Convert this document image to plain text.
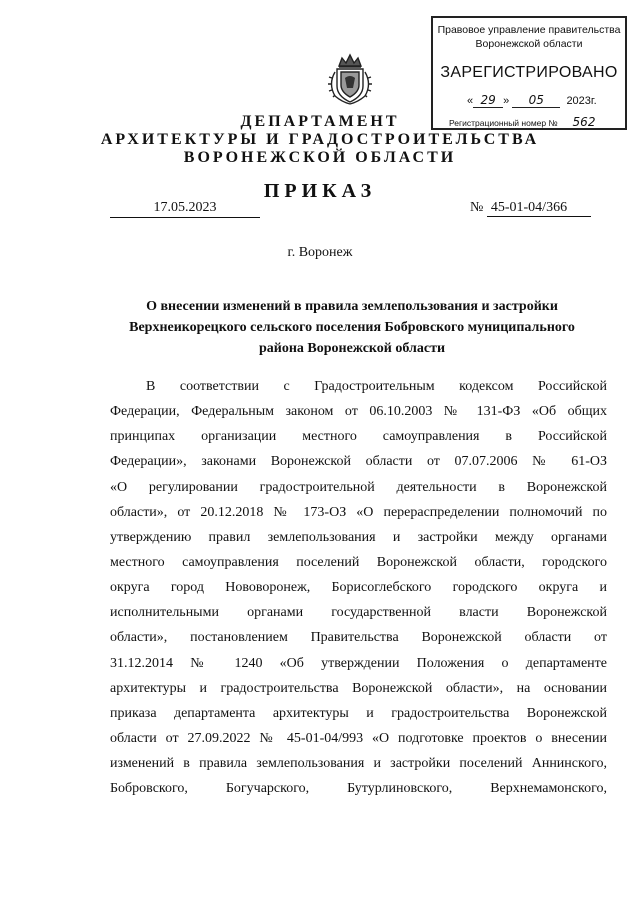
Правовое управление правительства
Воронежской области
ЗАРЕГИСТРИРОВАНО
« 29 » 05 2023г.
Регистрационный номер № 562
ДЕПАРТАМЕНТ
АРХИТЕКТУРЫ И ГРАДОСТРОИТЕЛЬСТВА
ВОРОНЕЖСКОЙ ОБЛАСТИ
ПРИКАЗ
17.05.2023	№ 45-01-04/366
г. Воронеж
О внесении изменений в правила землепользования и застройки
Верхнеикорецкого сельского поселения Бобровского муниципального
района Воронежской области
В соответствии с Градостроительным кодексом Российской
Федерации, Федеральным законом от 06.10.2003 № 131-ФЗ «Об общих
принципах организации местного самоуправления в Российской
Федерации», законами Воронежской области от 07.07.2006 № 61-ОЗ
«О регулировании градостроительной деятельности в Воронежской
области», от 20.12.2018 № 173-ОЗ «О перераспределении полномочий по
утверждению правил землепользования и застройки между органами
местного самоуправления поселений Воронежской области, городского
округа город Нововоронеж, Борисоглебского городского округа и
исполнительными органами государственной власти Воронежской
области», постановлением Правительства Воронежской области от
31.12.2014 № 1240 «Об утверждении Положения о департаменте
архитектуры и градостроительства Воронежской области», на основании
приказа департамента архитектуры и градостроительства Воронежской
области от 27.09.2022 № 45-01-04/993 «О подготовке проектов о внесении
изменений в правила землепользования и застройки поселений Аннинского,
Бобровского, Богучарского, Бутурлиновского, Верхнемамонского,
